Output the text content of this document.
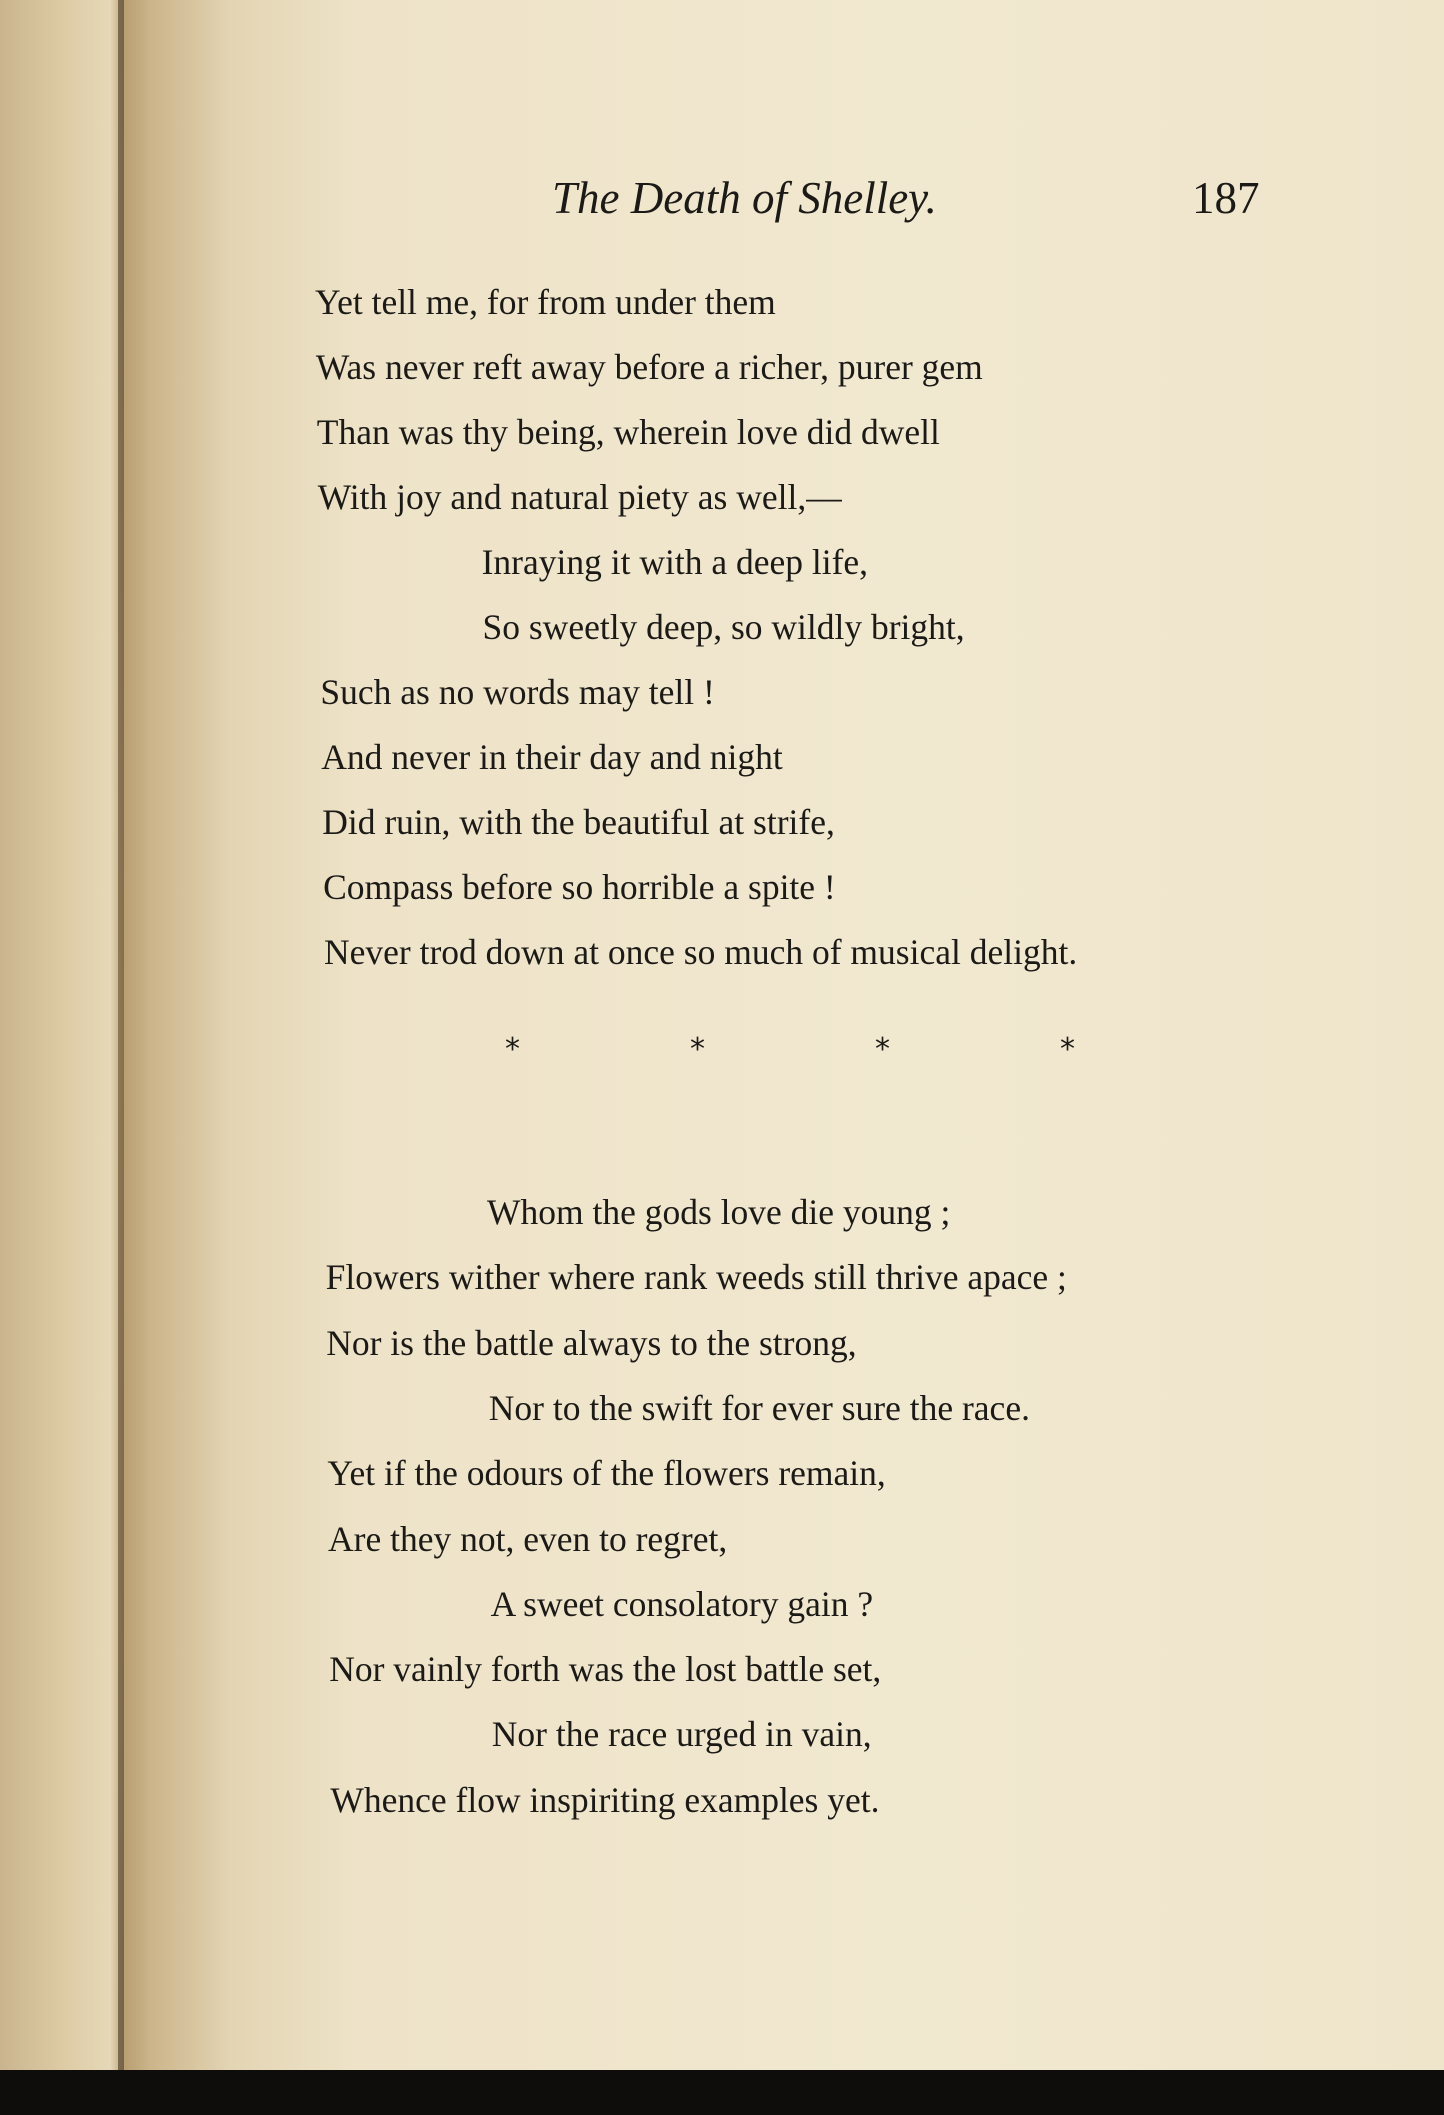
The Death of Shelley.	187
Yet tell me, for from under them
Was never reft away before a richer, purer gem
Than was thy being, wherein love did dwell
With joy and natural piety as well,—
Inraying it with a deep life,
So sweetly deep, so wildly bright,
Such as no words may tell !
And never in their day and night
Did ruin, with the beautiful at strife,
Compass before so horrible a spite !
Never trod down at once so much of musical delight.
*	*	*	*
Whom the gods love die young ;
Flowers wither where rank weeds still thrive apace ;
Nor is the battle always to the strong,
Nor to the swift for ever sure the race.
Yet if the odours of the flowers remain,
Are they not, even to regret,
A sweet consolatory gain ?
Nor vainly forth was the lost battle set,
Nor the race urged in vain,
Whence flow inspiriting examples yet.
